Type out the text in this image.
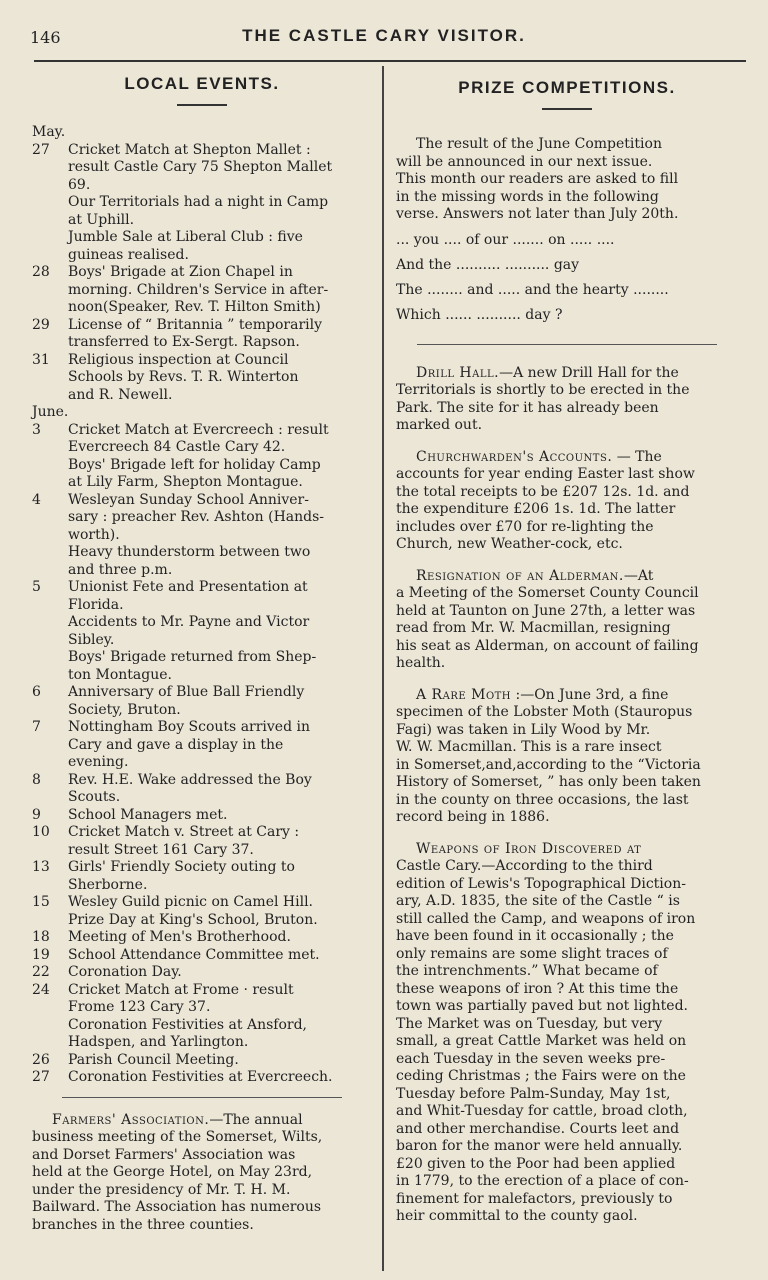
146	THE CASTLE CARY VISITOR.
LOCAL EVENTS.

May.

27	Cricket Match at Shepton Mallet :
result Castle Cary 75 Shepton Mallet
69.
Our Territorials had a night in Camp
at Uphill.
Jumble Sale at Liberal Club : five
guineas realised.
28	Boys' Brigade at Zion Chapel in
morning. Children's Service in after-
noon(Speaker, Rev. T. Hilton Smith)
29	License of “ Britannia ” temporarily
transferred to Ex-Sergt. Rapson.
31	Religious inspection at Council
Schools by Revs. T. R. Winterton
and R. Newell.

June.

3	Cricket Match at Evercreech : result
Evercreech 84 Castle Cary 42.
Boys' Brigade left for holiday Camp
at Lily Farm, Shepton Montague.
4	Wesleyan Sunday School Anniver-
sary : preacher Rev. Ashton (Hands-
worth).
Heavy thunderstorm between two
and three p.m.
5	Unionist Fete and Presentation at
Florida.
Accidents to Mr. Payne and Victor
Sibley.
Boys' Brigade returned from Shep-
ton Montague.
6	Anniversary of Blue Ball Friendly
Society, Bruton.
7	Nottingham Boy Scouts arrived in
Cary and gave a display in the
evening.
8	Rev. H.E. Wake addressed the Boy
Scouts.
9	School Managers met.
10	Cricket Match v. Street at Cary :
result Street 161 Cary 37.
13	Girls' Friendly Society outing to
Sherborne.
15	Wesley Guild picnic on Camel Hill.
Prize Day at King's School, Bruton.
18	Meeting of Men's Brotherhood.
19	School Attendance Committee met.
22	Coronation Day.
24	Cricket Match at Frome · result
Frome 123 Cary 37.
Coronation Festivities at Ansford,
Hadspen, and Yarlington.
26	Parish Council Meeting.
27	Coronation Festivities at Evercreech.
Farmers' Association.—The annual
business meeting of the Somerset, Wilts,
and Dorset Farmers' Association was
held at the George Hotel, on May 23rd,
under the presidency of Mr. T. H. M.
Bailward. The Association has numerous
branches in the three counties.
PRIZE COMPETITIONS.
The result of the June Competition
will be announced in our next issue.
This month our readers are asked to fill
in the missing words in the following
verse. Answers not later than July 20th.

... you .... of our ....... on ..... ....

And the .......... .......... gay

The ........ and ..... and the hearty ........

Which ...... .......... day ?

Drill Hall.—A new Drill Hall for the
Territorials is shortly to be erected in the
Park. The site for it has already been
marked out.
Churchwarden's Accounts. — The
accounts for year ending Easter last show
the total receipts to be £207 12s. 1d. and
the expenditure £206 1s. 1d. The latter
includes over £70 for re-lighting the
Church, new Weather-cock, etc.
Resignation of an Alderman.—At
a Meeting of the Somerset County Council
held at Taunton on June 27th, a letter was
read from Mr. W. Macmillan, resigning
his seat as Alderman, on account of failing
health.
A Rare Moth :—On June 3rd, a fine
specimen of the Lobster Moth (Stauropus
Fagi) was taken in Lily Wood by Mr.
W. W. Macmillan. This is a rare insect
in Somerset,and,according to the “Victoria
History of Somerset, ” has only been taken
in the county on three occasions, the last
record being in 1886.
Weapons of Iron Discovered at
Castle Cary.—According to the third
edition of Lewis's Topographical Diction-
ary, A.D. 1835, the site of the Castle “ is
still called the Camp, and weapons of iron
have been found in it occasionally ; the
only remains are some slight traces of
the intrenchments.” What became of
these weapons of iron ? At this time the
town was partially paved but not lighted.
The Market was on Tuesday, but very
small, a great Cattle Market was held on
each Tuesday in the seven weeks pre-
ceding Christmas ; the Fairs were on the
Tuesday before Palm-Sunday, May 1st,
and Whit-Tuesday for cattle, broad cloth,
and other merchandise. Courts leet and
baron for the manor were held annually.
£20 given to the Poor had been applied
in 1779, to the erection of a place of con-
finement for malefactors, previously to
heir committal to the county gaol.
